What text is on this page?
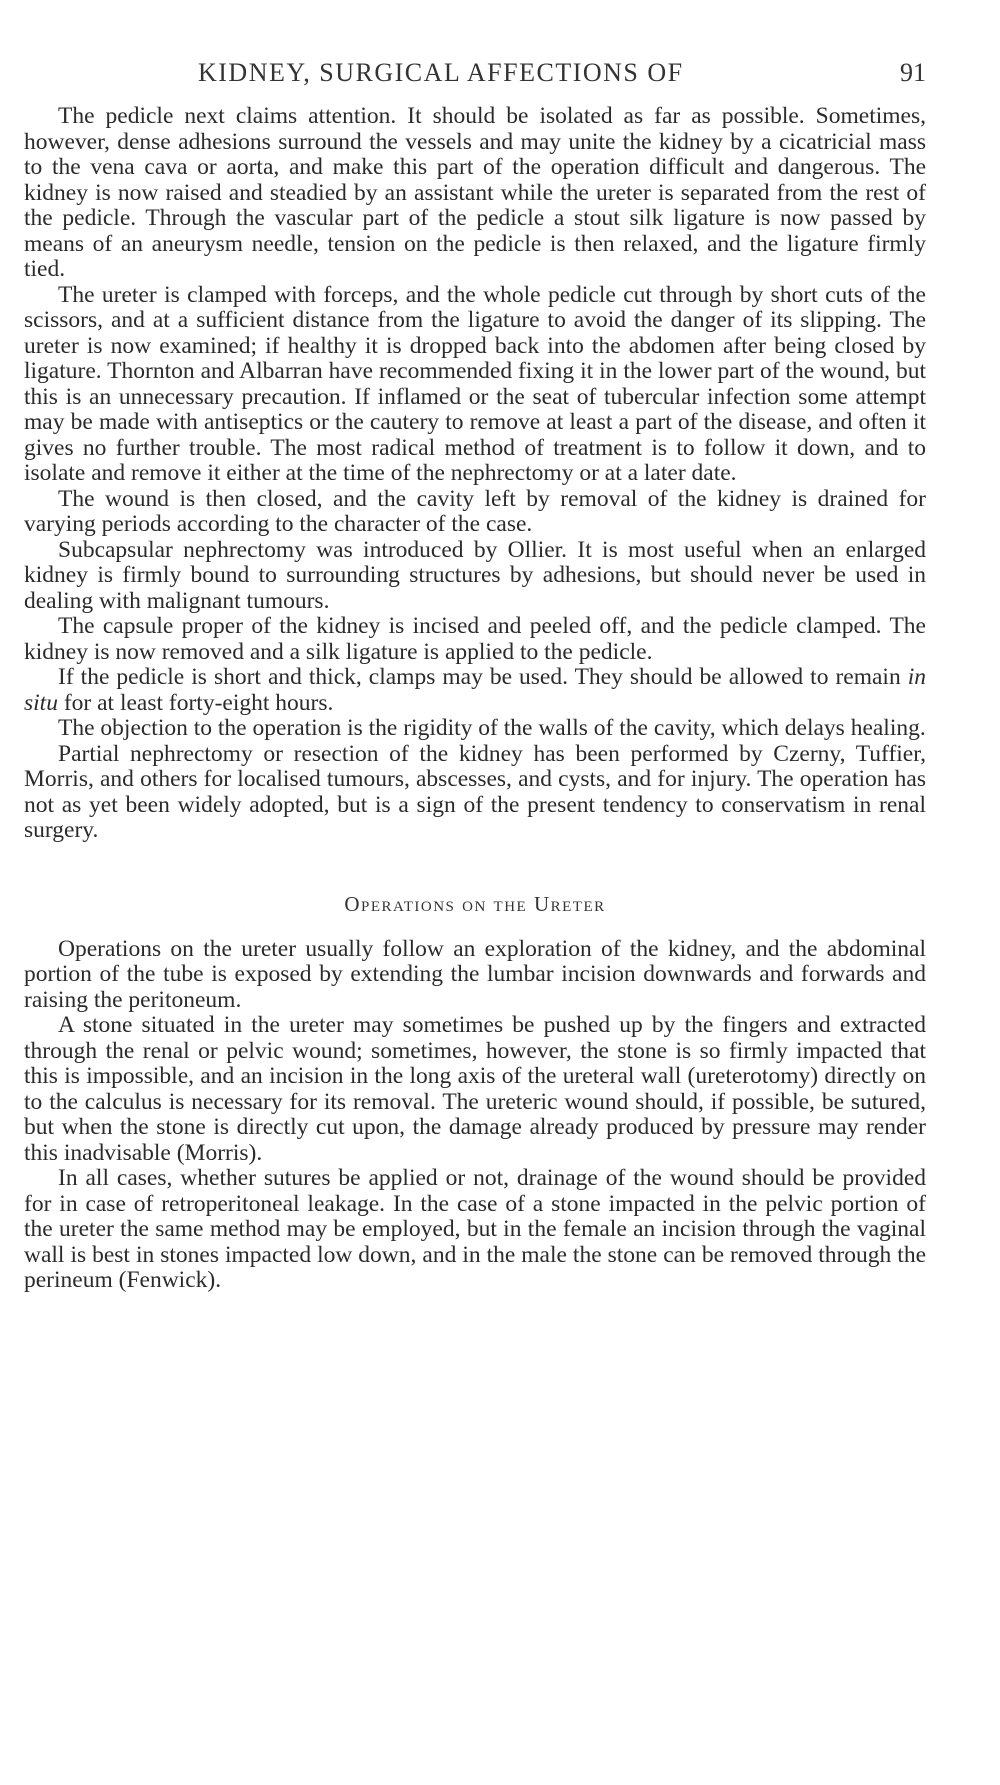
KIDNEY, SURGICAL AFFECTIONS OF	91

The pedicle next claims attention. It should be isolated as far as possible. Sometimes, however, dense adhesions surround the vessels and may unite the kidney by a cicatricial mass to the vena cava or aorta, and make this part of the operation difficult and dangerous. The kidney is now raised and steadied by an assistant while the ureter is separated from the rest of the pedicle. Through the vascular part of the pedicle a stout silk ligature is now passed by means of an aneurysm needle, tension on the pedicle is then relaxed, and the ligature firmly tied.

The ureter is clamped with forceps, and the whole pedicle cut through by short cuts of the scissors, and at a sufficient distance from the ligature to avoid the danger of its slipping. The ureter is now examined; if healthy it is dropped back into the abdomen after being closed by ligature. Thornton and Albarran have recommended fixing it in the lower part of the wound, but this is an unnecessary precaution. If inflamed or the seat of tubercular infection some attempt may be made with antiseptics or the cautery to remove at least a part of the disease, and often it gives no further trouble. The most radical method of treatment is to follow it down, and to isolate and remove it either at the time of the nephrectomy or at a later date.

The wound is then closed, and the cavity left by removal of the kidney is drained for varying periods according to the character of the case.

Subcapsular nephrectomy was introduced by Ollier. It is most useful when an enlarged kidney is firmly bound to surrounding structures by adhesions, but should never be used in dealing with malignant tumours.

The capsule proper of the kidney is incised and peeled off, and the pedicle clamped. The kidney is now removed and a silk ligature is applied to the pedicle.

If the pedicle is short and thick, clamps may be used. They should be allowed to remain in situ for at least forty-eight hours.

The objection to the operation is the rigidity of the walls of the cavity, which delays healing.

Partial nephrectomy or resection of the kidney has been performed by Czerny, Tuffier, Morris, and others for localised tumours, abscesses, and cysts, and for injury. The operation has not as yet been widely adopted, but is a sign of the present tendency to conservatism in renal surgery.

Operations on the Ureter

Operations on the ureter usually follow an exploration of the kidney, and the abdominal portion of the tube is exposed by extending the lumbar incision downwards and forwards and raising the peritoneum.

A stone situated in the ureter may sometimes be pushed up by the fingers and extracted through the renal or pelvic wound; sometimes, however, the stone is so firmly impacted that this is impossible, and an incision in the long axis of the ureteral wall (ureterotomy) directly on to the calculus is necessary for its removal. The ureteric wound should, if possible, be sutured, but when the stone is directly cut upon, the damage already produced by pressure may render this inadvisable (Morris).

In all cases, whether sutures be applied or not, drainage of the wound should be provided for in case of retroperitoneal leakage. In the case of a stone impacted in the pelvic portion of the ureter the same method may be employed, but in the female an incision through the vaginal wall is best in stones impacted low down, and in the male the stone can be removed through the perineum (Fenwick).
